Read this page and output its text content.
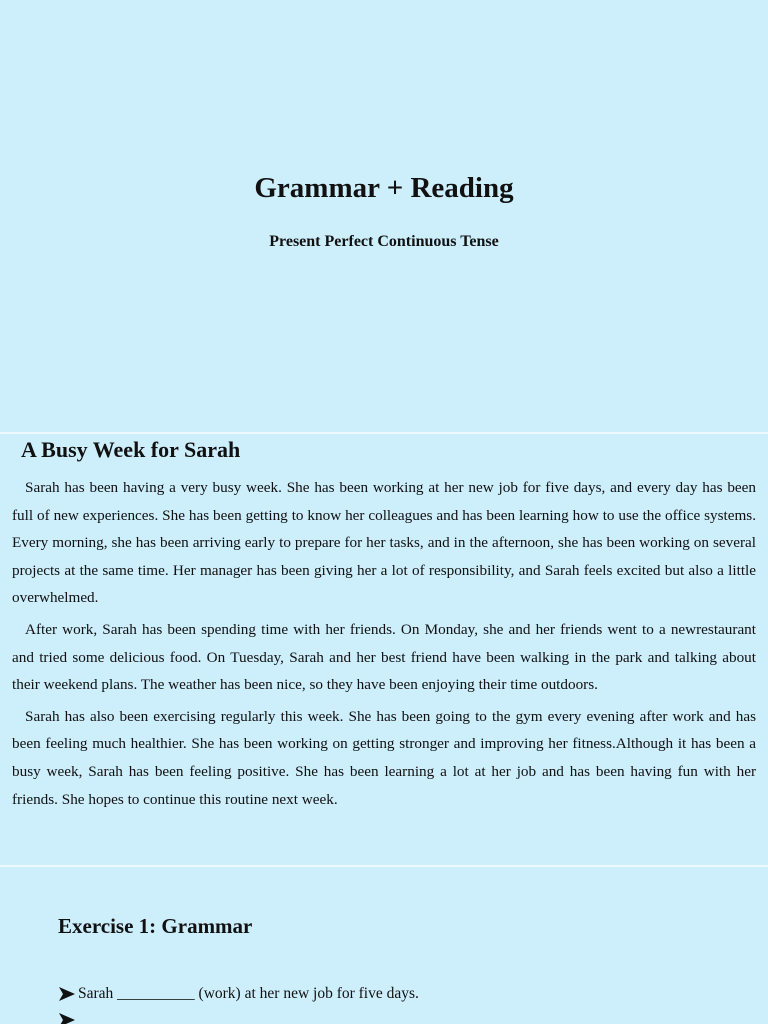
Grammar + Reading
Present Perfect Continuous Tense
A Busy Week for Sarah

Sarah has been having a very busy week. She has been working at her new job for five days, and every day has been full of new experiences. She has been getting to know her colleagues and has been learning how to use the office systems. Every morning, she has been arriving early to prepare for her tasks, and in the afternoon, she has been working on several projects at the same time. Her manager has been giving her a lot of responsibility, and Sarah feels excited but also a little overwhelmed.

After work, Sarah has been spending time with her friends. On Monday, she and her friends went to a newrestaurant and tried some delicious food. On Tuesday, Sarah and her best friend have been walking in the park and talking about their weekend plans. The weather has been nice, so they have been enjoying their time outdoors.

Sarah has also been exercising regularly this week. She has been going to the gym every evening after work and has been feeling much healthier. She has been working on getting stronger and improving her fitness.Although it has been a busy week, Sarah has been feeling positive. She has been learning a lot at her job and has been having fun with her friends. She hopes to continue this routine next week.

Exercise 1: Grammar
Sarah __________ (work) at her new job for five days.
